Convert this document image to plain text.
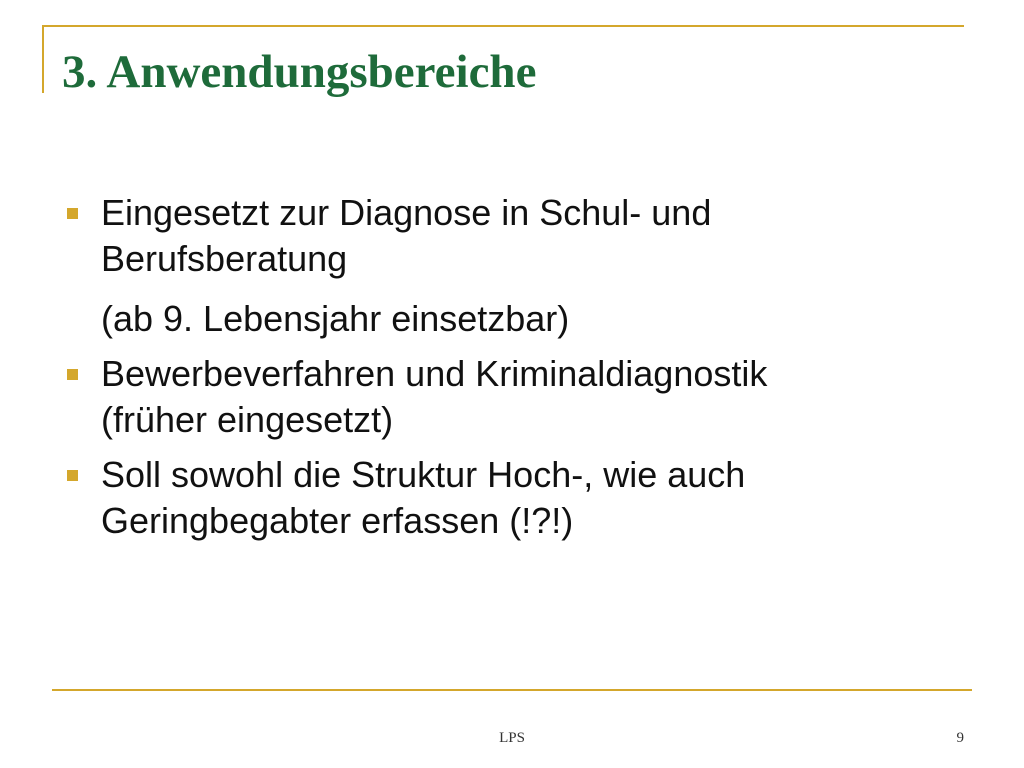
3. Anwendungsbereiche
Eingesetzt zur Diagnose in Schul- und
Berufsberatung
(ab 9. Lebensjahr einsetzbar)
Bewerbeverfahren und Kriminaldiagnostik
(früher eingesetzt)
Soll sowohl die Struktur Hoch-, wie auch
Geringbegabter erfassen (!?!)
LPS	9
